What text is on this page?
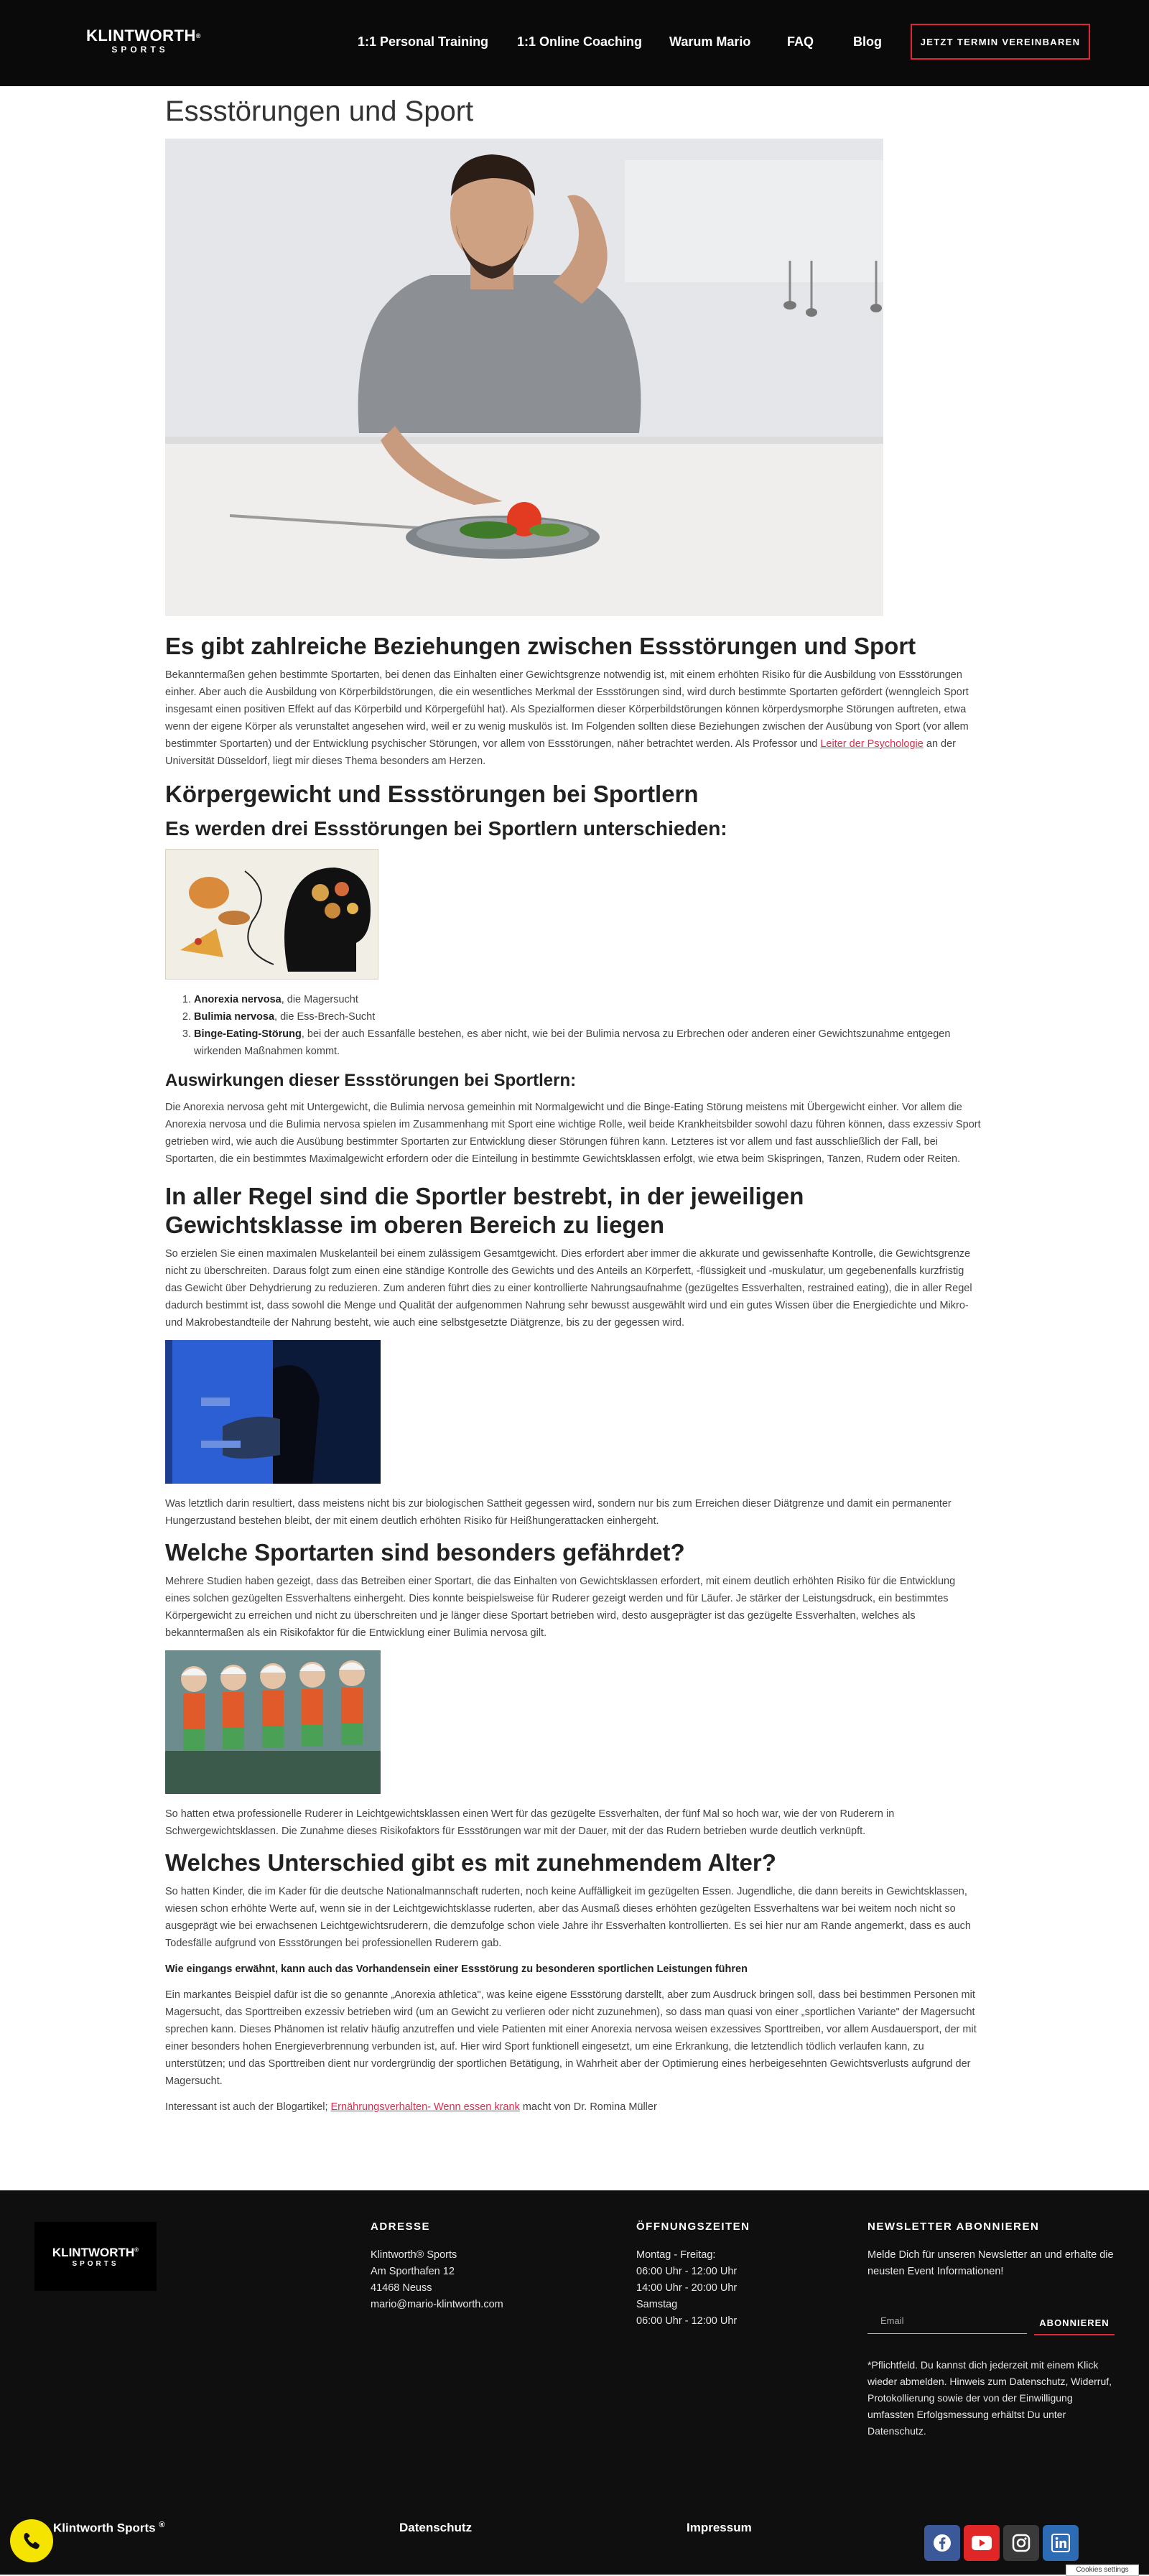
KLINTWORTH®
SPORTS
1:1 Personal Training 1:1 Online Coaching Warum Mario	FAQ	Blog	JETZT TERMIN VEREINBAREN
Essstörungen und Sport
Es gibt zahlreiche Beziehungen zwischen Essstörungen und Sport

Bekanntermaßen gehen bestimmte Sportarten, bei denen das Einhalten einer Gewichtsgrenze notwendig ist, mit einem erhöhten Risiko für die Ausbildung von Essstörungen einher. Aber auch die Ausbildung von Körperbildstörungen, die ein wesentliches Merkmal der Essstörungen sind, wird durch bestimmte Sportarten gefördert (wenngleich Sport insgesamt einen positiven Effekt auf das Körperbild und Körpergefühl hat). Als Spezialformen dieser Körperbildstörungen können körperdysmorphe Störungen auftreten, etwa wenn der eigene Körper als verunstaltet angesehen wird, weil er zu wenig muskulös ist. Im Folgenden sollten diese Beziehungen zwischen der Ausübung von Sport (vor allem bestimmter Sportarten) und der Entwicklung psychischer Störungen, vor allem von Essstörungen, näher betrachtet werden. Als Professor und Leiter der Psychologie an der Universität Düsseldorf, liegt mir dieses Thema besonders am Herzen.

Körpergewicht und Essstörungen bei Sportlern
Es werden drei Essstörungen bei Sportlern unterschieden:
1. Anorexia nervosa, die Magersucht
2. Bulimia nervosa, die Ess-Brech-Sucht
3. Binge-Eating-Störung, bei der auch Essanfälle bestehen, es aber nicht, wie bei der Bulimia nervosa zu Erbrechen oder anderen einer Gewichtszunahme entgegen wirkenden Maßnahmen kommt.
Auswirkungen dieser Essstörungen bei Sportlern:

Die Anorexia nervosa geht mit Untergewicht, die Bulimia nervosa gemeinhin mit Normalgewicht und die Binge-Eating Störung meistens mit Übergewicht einher. Vor allem die Anorexia nervosa und die Bulimia nervosa spielen im Zusammenhang mit Sport eine wichtige Rolle, weil beide Krankheitsbilder sowohl dazu führen können, dass exzessiv Sport getrieben wird, wie auch die Ausübung bestimmter Sportarten zur Entwicklung dieser Störungen führen kann. Letzteres ist vor allem und fast ausschließlich der Fall, bei Sportarten, die ein bestimmtes Maximalgewicht erfordern oder die Einteilung in bestimmte Gewichtsklassen erfolgt, wie etwa beim Skispringen, Tanzen, Rudern oder Reiten.

In aller Regel sind die Sportler bestrebt, in der jeweiligen Gewichtsklasse im oberen Bereich zu liegen

So erzielen Sie einen maximalen Muskelanteil bei einem zulässigem Gesamtgewicht. Dies erfordert aber immer die akkurate und gewissenhafte Kontrolle, die Gewichtsgrenze nicht zu überschreiten. Daraus folgt zum einen eine ständige Kontrolle des Gewichts und des Anteils an Körperfett, -flüssigkeit und -muskulatur, um gegebenenfalls kurzfristig das Gewicht über Dehydrierung zu reduzieren. Zum anderen führt dies zu einer kontrollierte Nahrungsaufnahme (gezügeltes Essverhalten, restrained eating), die in aller Regel dadurch bestimmt ist, dass sowohl die Menge und Qualität der aufgenommen Nahrung sehr bewusst ausgewählt wird und ein gutes Wissen über die Energiedichte und Mikro- und Makrobestandteile der Nahrung besteht, wie auch eine selbstgesetzte Diätgrenze, bis zu der gegessen wird.

Was letztlich darin resultiert, dass meistens nicht bis zur biologischen Sattheit gegessen wird, sondern nur bis zum Erreichen dieser Diätgrenze und damit ein permanenter Hungerzustand bestehen bleibt, der mit einem deutlich erhöhten Risiko für Heißhungerattacken einhergeht.

Welche Sportarten sind besonders gefährdet?

Mehrere Studien haben gezeigt, dass das Betreiben einer Sportart, die das Einhalten von Gewichtsklassen erfordert, mit einem deutlich erhöhten Risiko für die Entwicklung eines solchen gezügelten Essverhaltens einhergeht. Dies konnte beispielsweise für Ruderer gezeigt werden und für Läufer. Je stärker der Leistungsdruck, ein bestimmtes Körpergewicht zu erreichen und nicht zu überschreiten und je länger diese Sportart betrieben wird, desto ausgeprägter ist das gezügelte Essverhalten, welches als bekanntermaßen als ein Risikofaktor für die Entwicklung einer Bulimia nervosa gilt.

So hatten etwa professionelle Ruderer in Leichtgewichtsklassen einen Wert für das gezügelte Essverhalten, der fünf Mal so hoch war, wie der von Ruderern in Schwergewichtsklassen. Die Zunahme dieses Risikofaktors für Essstörungen war mit der Dauer, mit der das Rudern betrieben wurde deutlich verknüpft.

Welches Unterschied gibt es mit zunehmendem Alter?

So hatten Kinder, die im Kader für die deutsche Nationalmannschaft ruderten, noch keine Auffälligkeit im gezügelten Essen. Jugendliche, die dann bereits in Gewichtsklassen, wiesen schon erhöhte Werte auf, wenn sie in der Leichtgewichtsklasse ruderten, aber das Ausmaß dieses erhöhten gezügelten Essverhaltens war bei weitem noch nicht so ausgeprägt wie bei erwachsenen Leichtgewichtsruderern, die demzufolge schon viele Jahre ihr Essverhalten kontrollierten. Es sei hier nur am Rande angemerkt, dass es auch Todesfälle aufgrund von Essstörungen bei professionellen Ruderern gab.

Wie eingangs erwähnt, kann auch das Vorhandensein einer Essstörung zu besonderen sportlichen Leistungen führen

Ein markantes Beispiel dafür ist die so genannte „Anorexia athletica", was keine eigene Essstörung darstellt, aber zum Ausdruck bringen soll, dass bei bestimmen Personen mit Magersucht, das Sporttreiben exzessiv betrieben wird (um an Gewicht zu verlieren oder nicht zuzunehmen), so dass man quasi von einer „sportlichen Variante" der Magersucht sprechen kann. Dieses Phänomen ist relativ häufig anzutreffen und viele Patienten mit einer Anorexia nervosa weisen exzessives Sporttreiben, vor allem Ausdauersport, der mit einer besonders hohen Energieverbrennung verbunden ist, auf. Hier wird Sport funktionell eingesetzt, um eine Erkrankung, die letztendlich tödlich verlaufen kann, zu unterstützen; und das Sporttreiben dient nur vordergründig der sportlichen Betätigung, in Wahrheit aber der Optimierung eines herbeigesehnten Gewichtsverlusts aufgrund der Magersucht.

Interessant ist auch der Blogartikel; Ernährungsverhalten- Wenn essen krank macht von Dr. Romina Müller

KLINTWORTH®
SPORTS
ADRESSE
Klintworth® Sports
Am Sporthafen 12
41468 Neuss
mario@mario-klintworth.com
ÖFFNUNGSZEITEN
Montag - Freitag:
06:00 Uhr - 12:00 Uhr
14:00 Uhr - 20:00 Uhr
Samstag
06:00 Uhr - 12:00 Uhr
NEWSLETTER ABONNIEREN
Melde Dich für unseren Newsletter an und erhalte die neusten Event Informationen!
Email	ABONNIEREN
*Pflichtfeld. Du kannst dich jederzeit mit einem Klick wieder abmelden. Hinweis zum Datenschutz, Widerruf, Protokollierung sowie der von der Einwilligung umfassten Erfolgsmessung erhältst Du unter Datenschutz.
Klintworth Sports ®	Datenschutz	Impressum
Cookies settings
